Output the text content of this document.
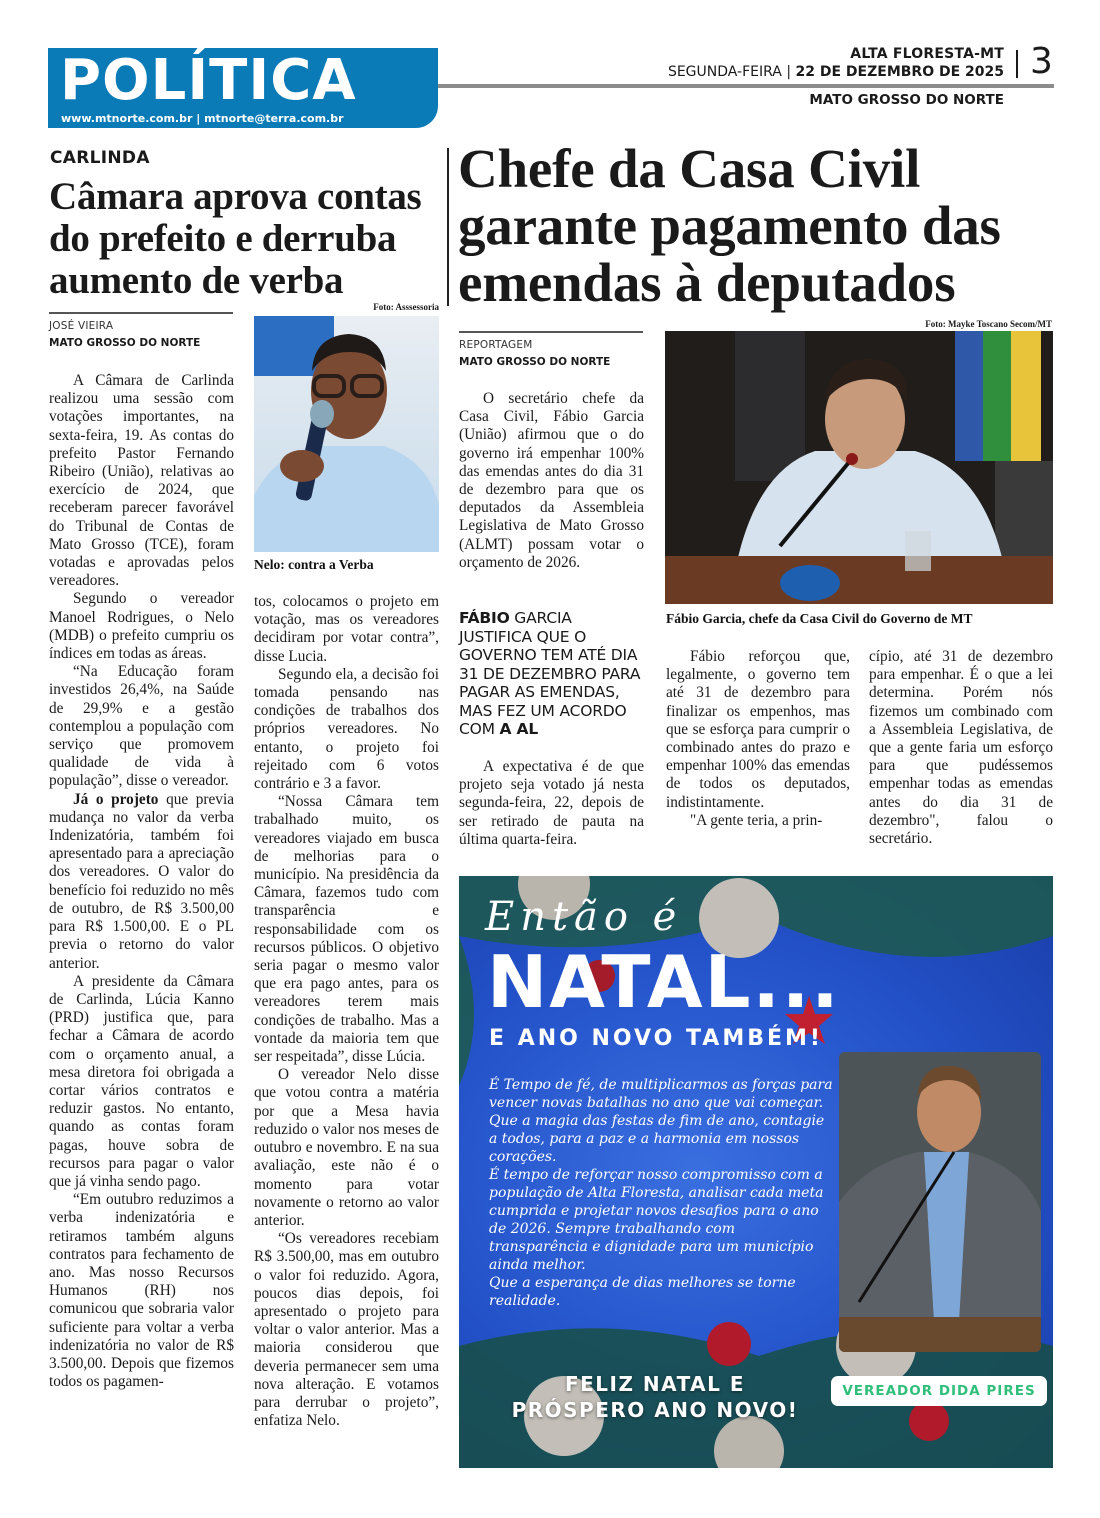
POLÍTICA
www.mtnorte.com.br | mtnorte@terra.com.br
ALTA FLORESTA-MT
SEGUNDA-FEIRA | 22 DE DEZEMBRO DE 2025 3
MATO GROSSO DO NORTE
CARLINDA
Câmara aprova contas do prefeito e derruba aumento de verba
Foto: Asssessoria
JOSÉ VIEIRA
MATO GROSSO DO NORTE
Nelo: contra a Verba

A Câmara de Carlinda realizou uma sessão com votações importantes, na sexta-feira, 19. As contas do prefeito Pastor Fernando Ribeiro (União), relativas ao exercício de 2024, que receberam parecer favorável do Tribunal de Contas de Mato Grosso (TCE), foram votadas e aprovadas pelos vereadores.

Segundo o vereador Manoel Rodrigues, o Nelo (MDB) o prefeito cumpriu os índices em todas as áreas.

“Na Educação foram investidos 26,4%, na Saúde de 29,9% e a gestão contemplou a população com serviço que promovem qualidade de vida à população”, disse o vereador.

Já o projeto que previa mudança no valor da verba Indenizatória, também foi apresentado para a apreciação dos vereadores. O valor do benefício foi reduzido no mês de outubro, de R$ 3.500,00 para R$ 1.500,00. E o PL previa o retorno do valor anterior.

A presidente da Câmara de Carlinda, Lúcia Kanno (PRD) justifica que, para fechar a Câmara de acordo com o orçamento anual, a mesa diretora foi obrigada a cortar vários contratos e reduzir gastos. No entanto, quando as contas foram pagas, houve sobra de recursos para pagar o valor que já vinha sendo pago.

“Em outubro reduzimos a verba indenizatória e retiramos também alguns contratos para fechamento de ano. Mas nosso Recursos Humanos (RH) nos comunicou que sobraria valor suficiente para voltar a verba indenizatória no valor de R$ 3.500,00. Depois que fizemos todos os pagamen-

tos, colocamos o projeto em votação, mas os vereadores decidiram por votar contra”, disse Lucia.

Segundo ela, a decisão foi tomada pensando nas condições de trabalhos dos próprios vereadores. No entanto, o projeto foi rejeitado com 6 votos contrário e 3 a favor.

“Nossa Câmara tem trabalhado muito, os vereadores viajado em busca de melhorias para o município. Na presidência da Câmara, fazemos tudo com transparência e responsabilidade com os recursos públicos. O objetivo seria pagar o mesmo valor que era pago antes, para os vereadores terem mais condições de trabalho. Mas a vontade da maioria tem que ser respeitada”, disse Lúcia.

O vereador Nelo disse que votou contra a matéria por que a Mesa havia reduzido o valor nos meses de outubro e novembro. E na sua avaliação, este não é o momento para votar novamente o retorno ao valor anterior.

“Os vereadores recebiam R$ 3.500,00, mas em outubro o valor foi reduzido. Agora, poucos dias depois, foi apresentado o projeto para voltar o valor anterior. Mas a maioria considerou que deveria permanecer sem uma nova alteração. E votamos para derrubar o projeto”, enfatiza Nelo.

Chefe da Casa Civil garante pagamento das emendas à deputados
Foto: Mayke Toscano Secom/MT
REPORTAGEM
MATO GROSSO DO NORTE

O secretário chefe da Casa Civil, Fábio Garcia (União) afirmou que o do governo irá empenhar 100% das emendas antes do dia 31 de dezembro para que os deputados da Assembleia Legislativa de Mato Grosso (ALMT) possam votar o orçamento de 2026.

Fábio Garcia, chefe da Casa Civil do Governo de MT
FÁBIO GARCIA JUSTIFICA QUE O GOVERNO TEM ATÉ DIA 31 DE DEZEMBRO PARA PAGAR AS EMENDAS, MAS FEZ UM ACORDO COM A AL

A expectativa é de que projeto seja votado já nesta segunda-feira, 22, depois de ser retirado de pauta na última quarta-feira.

Fábio reforçou que, legalmente, o governo tem até 31 de dezembro para finalizar os empenhos, mas que se esforça para cumprir o combinado antes do prazo e empenhar 100% das emendas de todos os deputados, indistintamente.

"A gente teria, a prin-

cípio, até 31 de dezembro para empenhar. É o que a lei determina. Porém nós fizemos um combinado com a Assembleia Legislativa, de que a gente faria um esforço para que pudéssemos empenhar todas as emendas antes do dia 31 de dezembro", falou o secretário.

Então é
NATAL...
E ANO NOVO TAMBÉM!

É Tempo de fé, de multiplicarmos as forças para vencer novas batalhas no ano que vai começar. Que a magia das festas de fim de ano, contagie a todos, para a paz e a harmonia em nossos corações.

É tempo de reforçar nosso compromisso com a população de Alta Floresta, analisar cada meta cumprida e projetar novos desafios para o ano de 2026. Sempre trabalhando com transparência e dignidade para um município ainda melhor.

Que a esperança de dias melhores se torne realidade.

FELIZ NATAL E
PRÓSPERO ANO NOVO!
VEREADOR DIDA PIRES
